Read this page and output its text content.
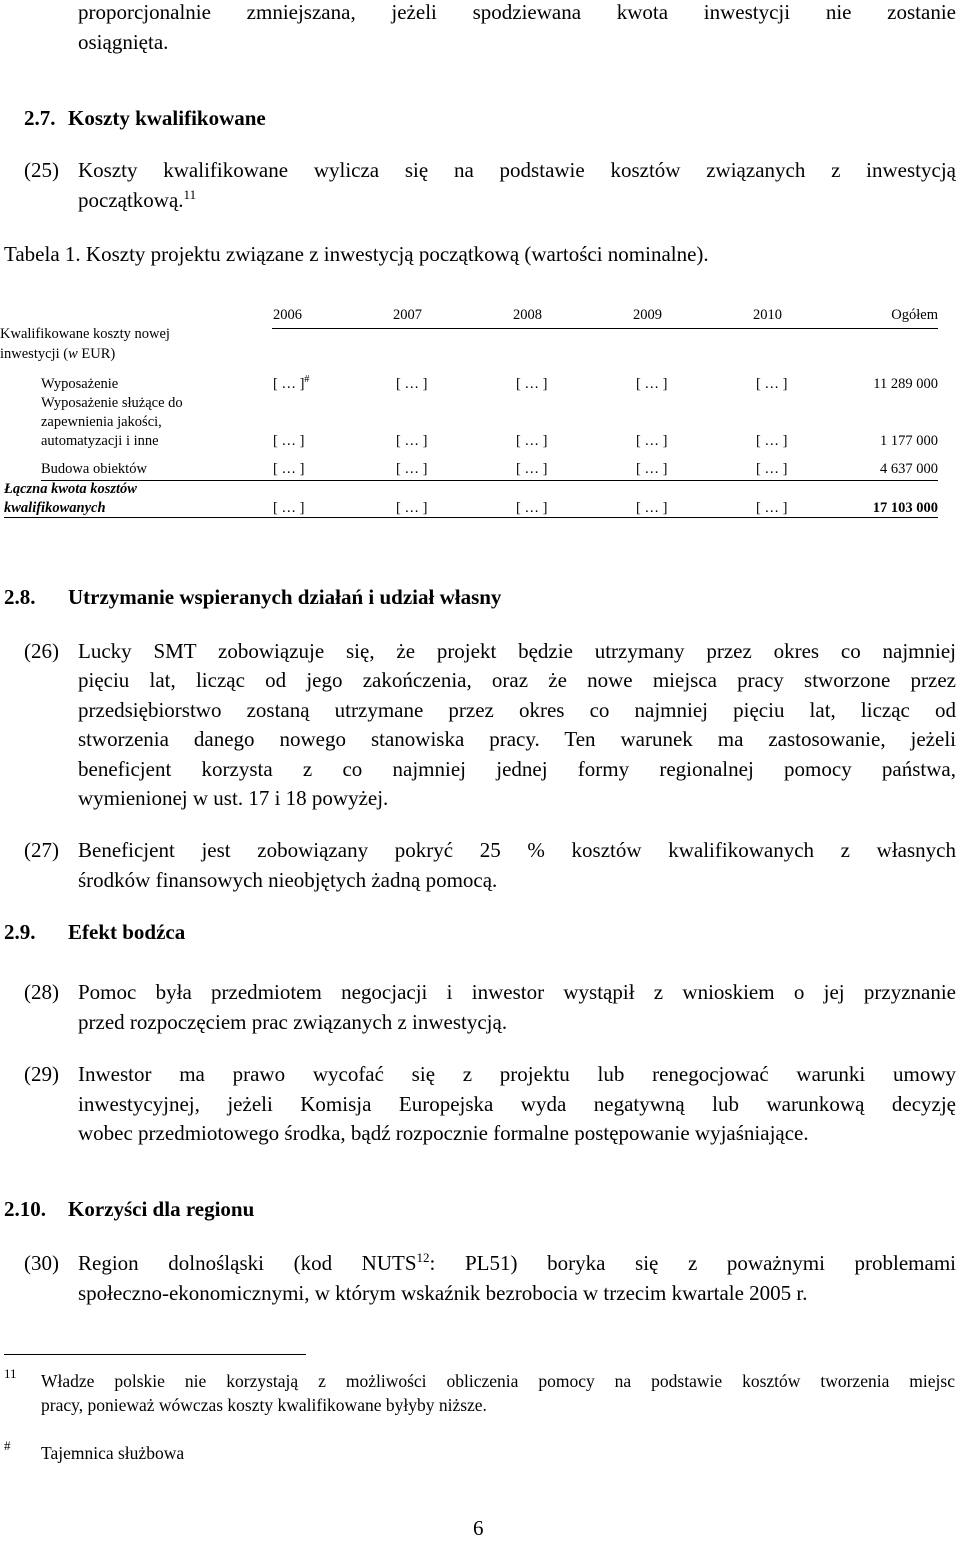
proporcjonalnie zmniejszana, jeżeli spodziewana kwota inwestycji nie zostanie
osiągnięta.
2.7. Koszty kwalifikowane
(25) Koszty kwalifikowane wylicza się na podstawie kosztów związanych z inwestycją
początkową.$^{11}$
Tabela 1. Koszty projektu związane z inwestycją początkową (wartości nominalne).
Kwalifikowane koszty nowej
inwestycji (w EUR)
2006	2007	2008	2009	2010	Ogółem
Wyposażenie	[ … ]#	[ … ]	[ … ]	[ … ]	[ … ]	11 289 000
Wyposażenie służące do
zapewnienia jakości,
automatyzacji i inne	[ … ]	[ … ]	[ … ]	[ … ]	[ … ]	1 177 000
Budowa obiektów	[ … ]	[ … ]	[ … ]	[ … ]	[ … ]	4 637 000
Łączna kwota kosztów
kwalifikowanych	[ … ]	[ … ]	[ … ]	[ … ]	[ … ]	17 103 000
2.8. Utrzymanie wspieranych działań i udział własny
(26) Lucky SMT zobowiązuje się, że projekt będzie utrzymany przez okres co najmniej
pięciu lat, licząc od jego zakończenia, oraz że nowe miejsca pracy stworzone przez
przedsiębiorstwo zostaną utrzymane przez okres co najmniej pięciu lat, licząc od
stworzenia danego nowego stanowiska pracy. Ten warunek ma zastosowanie, jeżeli
beneficjent korzysta z co najmniej jednej formy regionalnej pomocy państwa,
wymienionej w ust. 17 i 18 powyżej.
(27) Beneficjent jest zobowiązany pokryć 25 % kosztów kwalifikowanych z własnych
środków finansowych nieobjętych żadną pomocą.
2.9. Efekt bodźca
(28) Pomoc była przedmiotem negocjacji i inwestor wystąpił z wnioskiem o jej przyznanie
przed rozpoczęciem prac związanych z inwestycją.
(29) Inwestor ma prawo wycofać się z projektu lub renegocjować warunki umowy
inwestycyjnej, jeżeli Komisja Europejska wyda negatywną lub warunkową decyzję
wobec przedmiotowego środka, bądź rozpocznie formalne postępowanie wyjaśniające.
2.10. Korzyści dla regionu
(30) Region dolnośląski (kod NUTS$^{12}$: PL51) boryka się z poważnymi problemami
społeczno-ekonomicznymi, w którym wskaźnik bezrobocia w trzecim kwartale 2005 r.
11 Władze polskie nie korzystają z możliwości obliczenia pomocy na podstawie kosztów tworzenia miejsc
pracy, ponieważ wówczas koszty kwalifikowane byłyby niższe.
# Tajemnica służbowa
6
